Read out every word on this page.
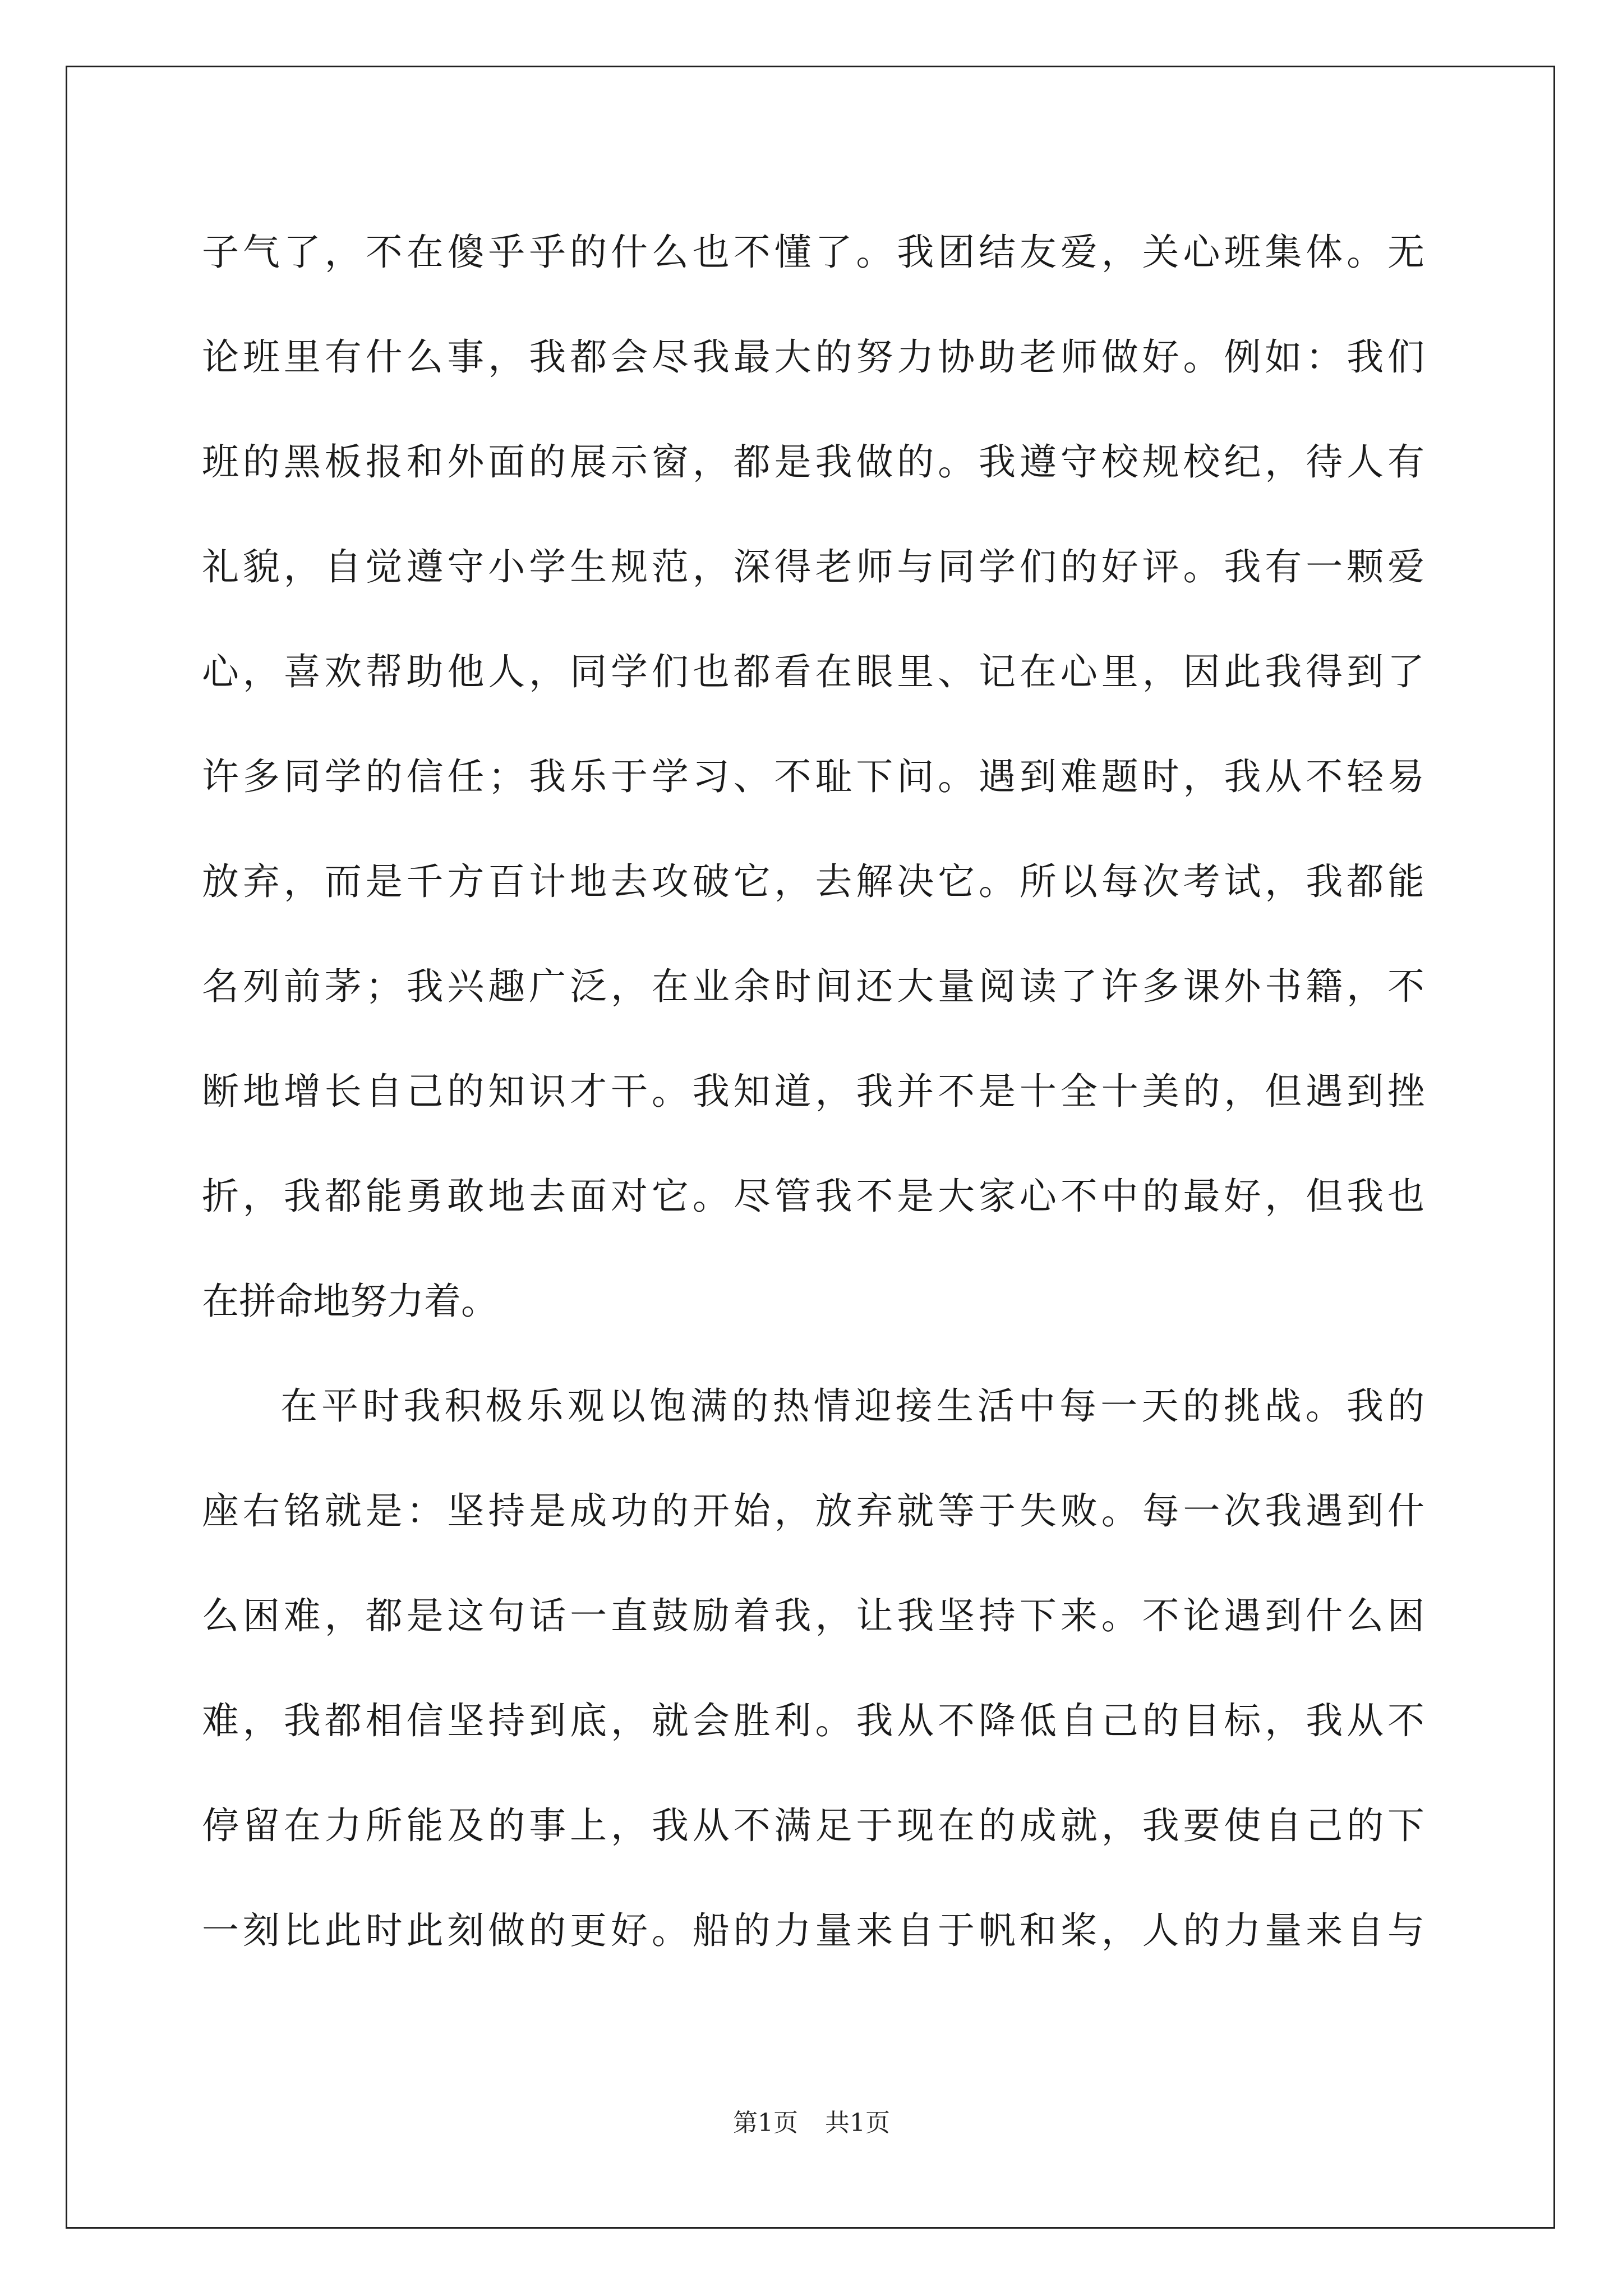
子气了，不在傻乎乎的什么也不懂了。我团结友爱，关心班集体。无
论班里有什么事，我都会尽我最大的努力协助老师做好。例如：我们
班的黑板报和外面的展示窗，都是我做的。我遵守校规校纪，待人有
礼貌，自觉遵守小学生规范，深得老师与同学们的好评。我有一颗爱
心，喜欢帮助他人，同学们也都看在眼里、记在心里，因此我得到了
许多同学的信任；我乐于学习、不耻下问。遇到难题时，我从不轻易
放弃，而是千方百计地去攻破它，去解决它。所以每次考试，我都能
名列前茅；我兴趣广泛，在业余时间还大量阅读了许多课外书籍，不
断地增长自己的知识才干。我知道，我并不是十全十美的，但遇到挫
折，我都能勇敢地去面对它。尽管我不是大家心不中的最好，但我也
在拼命地努力着。
在平时我积极乐观以饱满的热情迎接生活中每一天的挑战。我的
座右铭就是：坚持是成功的开始，放弃就等于失败。每一次我遇到什
么困难，都是这句话一直鼓励着我，让我坚持下来。不论遇到什么困
难，我都相信坚持到底，就会胜利。我从不降低自己的目标，我从不
停留在力所能及的事上，我从不满足于现在的成就，我要使自己的下
一刻比此时此刻做的更好。船的力量来自于帆和桨，人的力量来自与
第1页 共1页
